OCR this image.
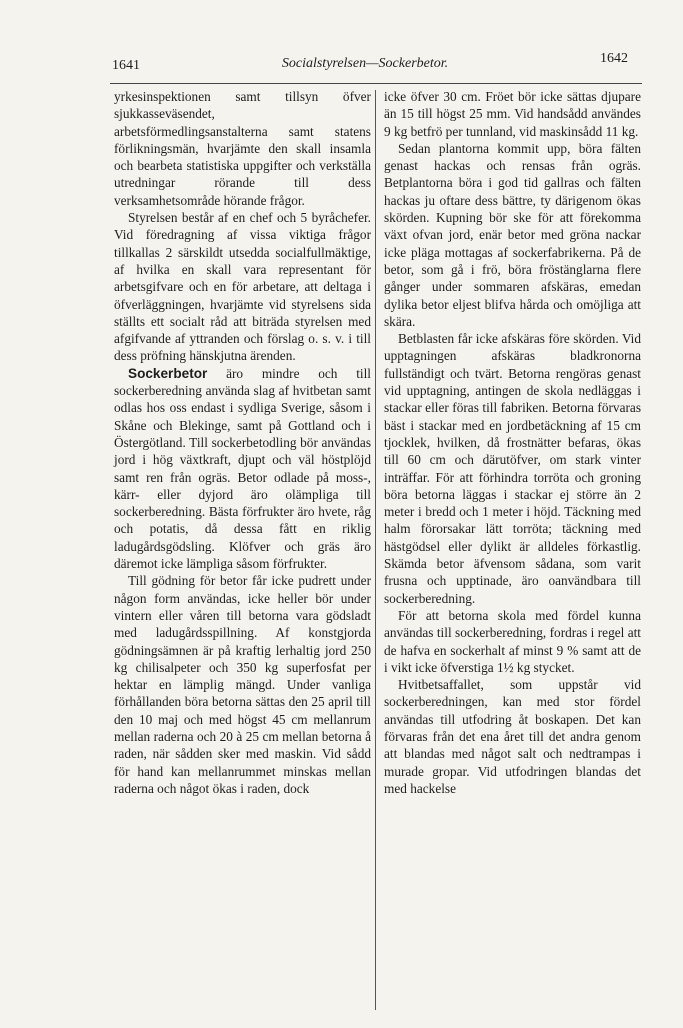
1641	Socialstyrelsen—Sockerbetor.	1642

yrkesinspektionen samt tillsyn öfver sjukkasseväsendet, arbetsförmedlingsanstalterna samt statens förlikningsmän, hvarjämte den skall insamla och bearbeta statistiska uppgifter och verkställa utredningar rörande till dess verksamhetsområde hörande frågor.

Styrelsen består af en chef och 5 byråchefer. Vid föredragning af vissa viktiga frågor tillkallas 2 särskildt utsedda socialfullmäktige, af hvilka en skall vara representant för arbetsgifvare och en för arbetare, att deltaga i öfverläggningen, hvarjämte vid styrelsens sida ställts ett socialt råd att biträda styrelsen med afgifvande af yttranden och förslag o. s. v. i till dess pröfning hänskjutna ärenden.

Sockerbetor äro mindre och till sockerberedning använda slag af hvitbetan samt odlas hos oss endast i sydliga Sverige, såsom i Skåne och Blekinge, samt på Gottland och i Östergötland. Till sockerbetodling bör användas jord i hög växtkraft, djupt och väl höstplöjd samt ren från ogräs. Betor odlade på moss-, kärr- eller dyjord äro olämpliga till sockerberedning. Bästa förfrukter äro hvete, råg och potatis, då dessa fått en riklig ladugårdsgödsling. Klöfver och gräs äro däremot icke lämpliga såsom förfrukter.

Till gödning för betor får icke pudrett under någon form användas, icke heller bör under vintern eller våren till betorna vara gödsladt med ladugårdsspillning. Af konstgjorda gödningsämnen är på kraftig lerhaltig jord 250 kg chilisalpeter och 350 kg superfosfat per hektar en lämplig mängd. Under vanliga förhållanden böra betorna sättas den 25 april till den 10 maj och med högst 45 cm mellanrum mellan raderna och 20 à 25 cm mellan betorna å raden, när sådden sker med maskin. Vid sådd för hand kan mellanrummet minskas mellan raderna och något ökas i raden, dock

icke öfver 30 cm. Fröet bör icke sättas djupare än 15 till högst 25 mm. Vid handsådd användes 9 kg betfrö per tunnland, vid maskinsådd 11 kg.

Sedan plantorna kommit upp, böra fälten genast hackas och rensas från ogräs. Betplantorna böra i god tid gallras och fälten hackas ju oftare dess bättre, ty därigenom ökas skörden. Kupning bör ske för att förekomma växt ofvan jord, enär betor med gröna nackar icke pläga mottagas af sockerfabrikerna. På de betor, som gå i frö, böra fröstänglarna flere gånger under sommaren afskäras, emedan dylika betor eljest blifva hårda och omöjliga att skära.

Betblasten får icke afskäras före skörden. Vid upptagningen afskäras bladkronorna fullständigt och tvärt. Betorna rengöras genast vid upptagning, antingen de skola nedläggas i stackar eller föras till fabriken. Betorna förvaras bäst i stackar med en jordbetäckning af 15 cm tjocklek, hvilken, då frostnätter befaras, ökas till 60 cm och därutöfver, om stark vinter inträffar. För att förhindra torröta och groning böra betorna läggas i stackar ej större än 2 meter i bredd och 1 meter i höjd. Täckning med halm förorsakar lätt torröta; täckning med hästgödsel eller dylikt är alldeles förkastlig. Skämda betor äfvensom sådana, som varit frusna och upptinade, äro oanvändbara till sockerberedning.

För att betorna skola med fördel kunna användas till sockerberedning, fordras i regel att de hafva en sockerhalt af minst 9 % samt att de i vikt icke öfverstiga 1½ kg stycket.

Hvitbetsaffallet, som uppstår vid sockerberedningen, kan med stor fördel användas till utfodring åt boskapen. Det kan förvaras från det ena året till det andra genom att blandas med något salt och nedtrampas i murade gropar. Vid utfodringen blandas det med hackelse
